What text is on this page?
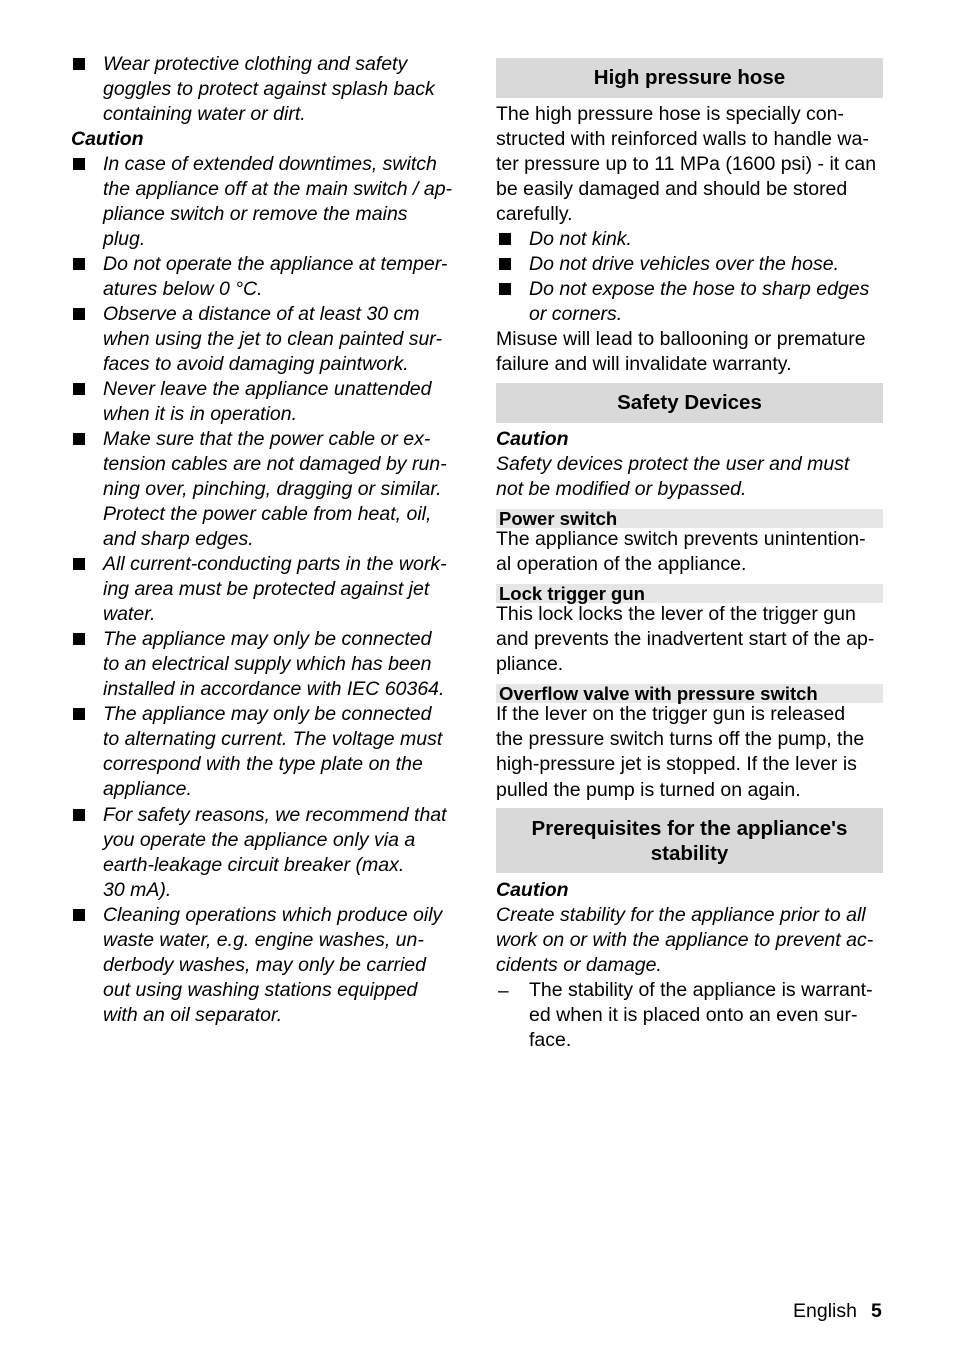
Wear protective clothing and safety
goggles to protect against splash back
containing water or dirt.
Caution
In case of extended downtimes, switch
the appliance off at the main switch / ap-
pliance switch or remove the mains
plug.
Do not operate the appliance at temper-
atures below 0 °C.
Observe a distance of at least 30 cm
when using the jet to clean painted sur-
faces to avoid damaging paintwork.
Never leave the appliance unattended
when it is in operation.
Make sure that the power cable or ex-
tension cables are not damaged by run-
ning over, pinching, dragging or similar.
Protect the power cable from heat, oil,
and sharp edges.
All current-conducting parts in the work-
ing area must be protected against jet
water.
The appliance may only be connected
to an electrical supply which has been
installed in accordance with IEC 60364.
The appliance may only be connected
to alternating current. The voltage must
correspond with the type plate on the
appliance.
For safety reasons, we recommend that
you operate the appliance only via a
earth-leakage circuit breaker (max.
30 mA).
Cleaning operations which produce oily
waste water, e.g. engine washes, un-
derbody washes, may only be carried
out using washing stations equipped
with an oil separator.
High pressure hose
The high pressure hose is specially con-
structed with reinforced walls to handle wa-
ter pressure up to 11 MPa (1600 psi) - it can
be easily damaged and should be stored
carefully.
Do not kink.
Do not drive vehicles over the hose.
Do not expose the hose to sharp edges
or corners.
Misuse will lead to ballooning or premature
failure and will invalidate warranty.
Safety Devices
Caution
Safety devices protect the user and must
not be modified or bypassed.
Power switch
The appliance switch prevents unintention-
al operation of the appliance.
Lock trigger gun
This lock locks the lever of the trigger gun
and prevents the inadvertent start of the ap-
pliance.
Overflow valve with pressure switch
If the lever on the trigger gun is released
the pressure switch turns off the pump, the
high-pressure jet is stopped. If the lever is
pulled the pump is turned on again.
Prerequisites for the appliance's
stability
Caution
Create stability for the appliance prior to all
work on or with the appliance to prevent ac-
cidents or damage.
– The stability of the appliance is warrant-
ed when it is placed onto an even sur-
face.
English 5
